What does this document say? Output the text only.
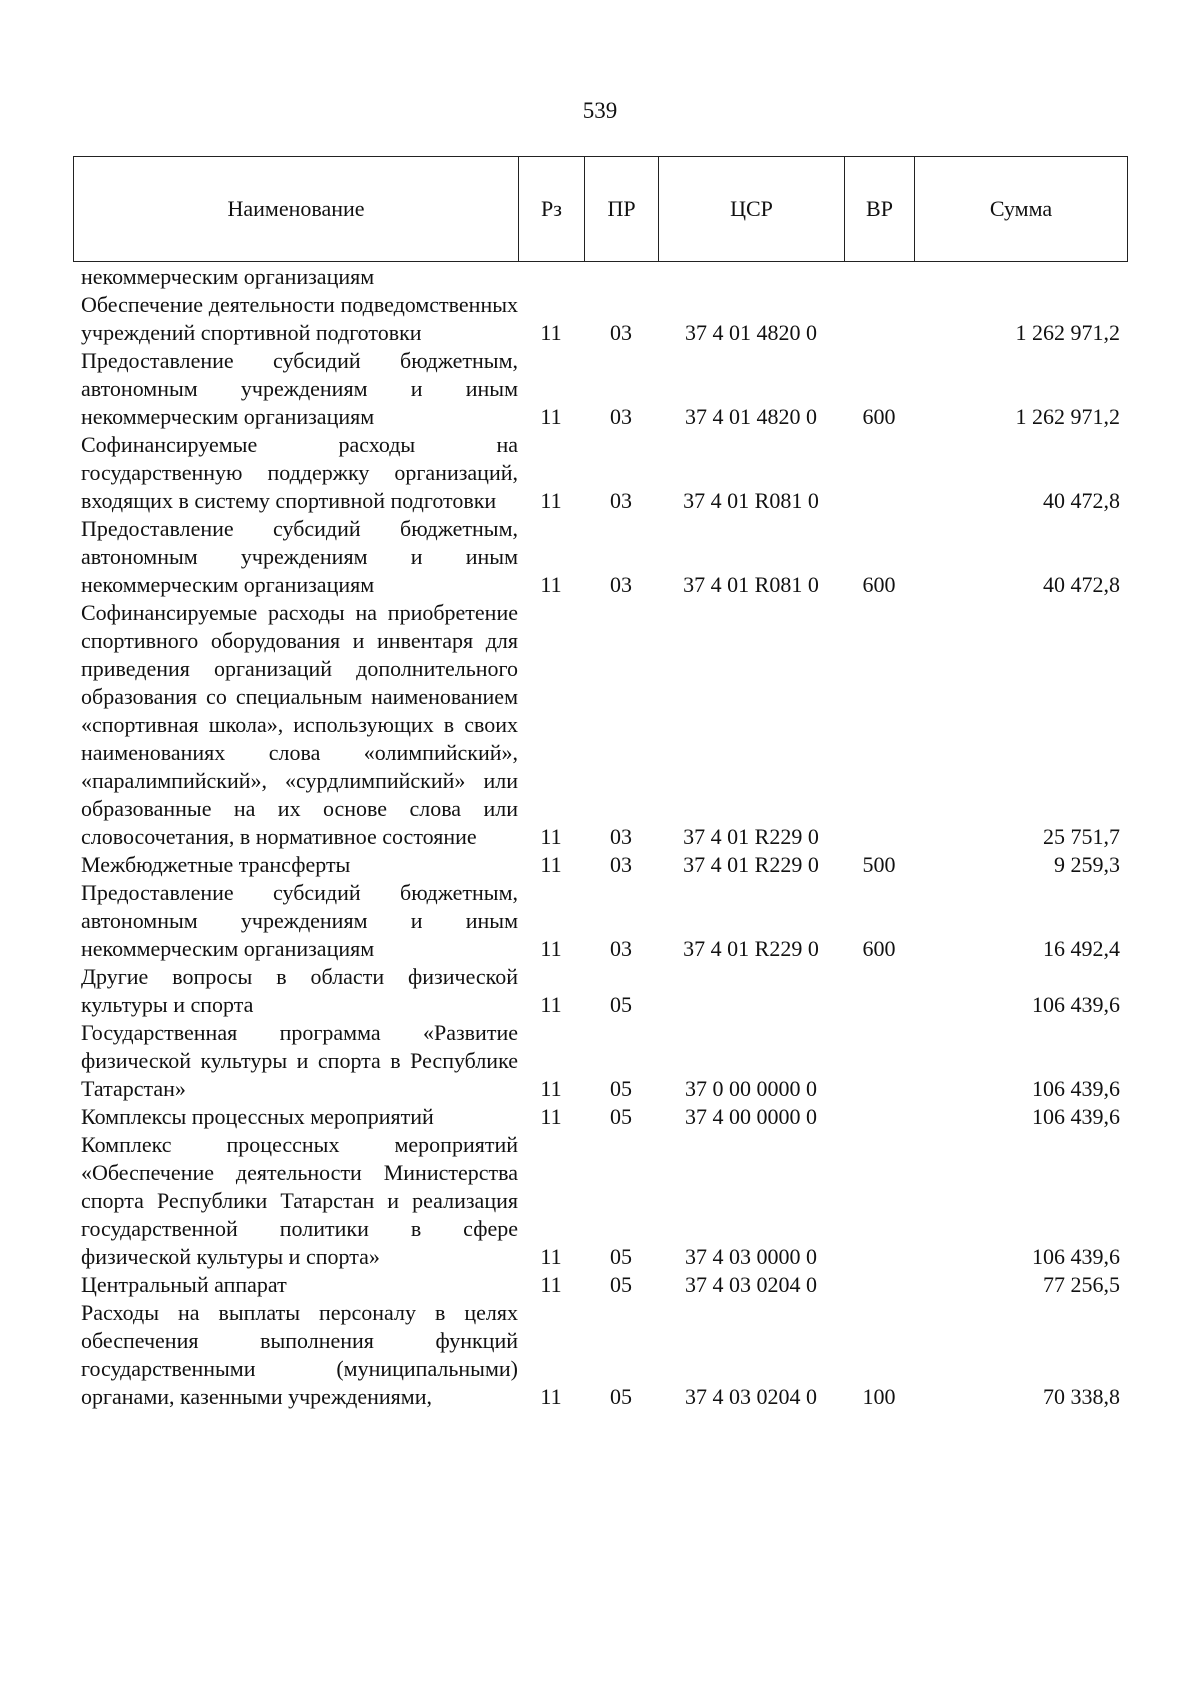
539
Наименование	Рз	ПР	ЦСР	ВР	Сумма
некоммерческим организациям					

Обеспечение деятельности подведомственных учреждений спортивной подготовки	11	03	37 4 01 4820 0		1 262 971,2

Предоставление субсидий бюджетным, автономным учреждениям и иным некоммерческим организациям	11	03	37 4 01 4820 0	600	1 262 971,2

Софинансируемые расходы на государственную поддержку организаций, входящих в систему спортивной подготовки	11	03	37 4 01 R081 0		40 472,8

Предоставление субсидий бюджетным, автономным учреждениям и иным некоммерческим организациям	11	03	37 4 01 R081 0	600	40 472,8

Софинансируемые расходы на приобретение спортивного оборудования и инвентаря для приведения организаций дополнительного образования со специальным наименованием «спортивная школа», использующих в своих наименованиях слова «олимпийский», «паралимпийский», «сурдлимпийский» или образованные на их основе слова или словосочетания, в нормативное состояние	11	03	37 4 01 R229 0		25 751,7

Межбюджетные трансферты	11	03	37 4 01 R229 0	500	9 259,3

Предоставление субсидий бюджетным, автономным учреждениям и иным некоммерческим организациям	11	03	37 4 01 R229 0	600	16 492,4

Другие вопросы в области физической культуры и спорта	11	05			106 439,6

Государственная программа «Развитие физической культуры и спорта в Республике Татарстан»	11	05	37 0 00 0000 0		106 439,6

Комплексы процессных мероприятий	11	05	37 4 00 0000 0		106 439,6

Комплекс процессных мероприятий «Обеспечение деятельности Министерства спорта Республики Татарстан и реализация государственной политики в сфере физической культуры и спорта»	11	05	37 4 03 0000 0		106 439,6

Центральный аппарат	11	05	37 4 03 0204 0		77 256,5

Расходы на выплаты персоналу в целях обеспечения выполнения функций государственными (муниципальными) органами, казенными учреждениями,	11	05	37 4 03 0204 0	100	70 338,8
